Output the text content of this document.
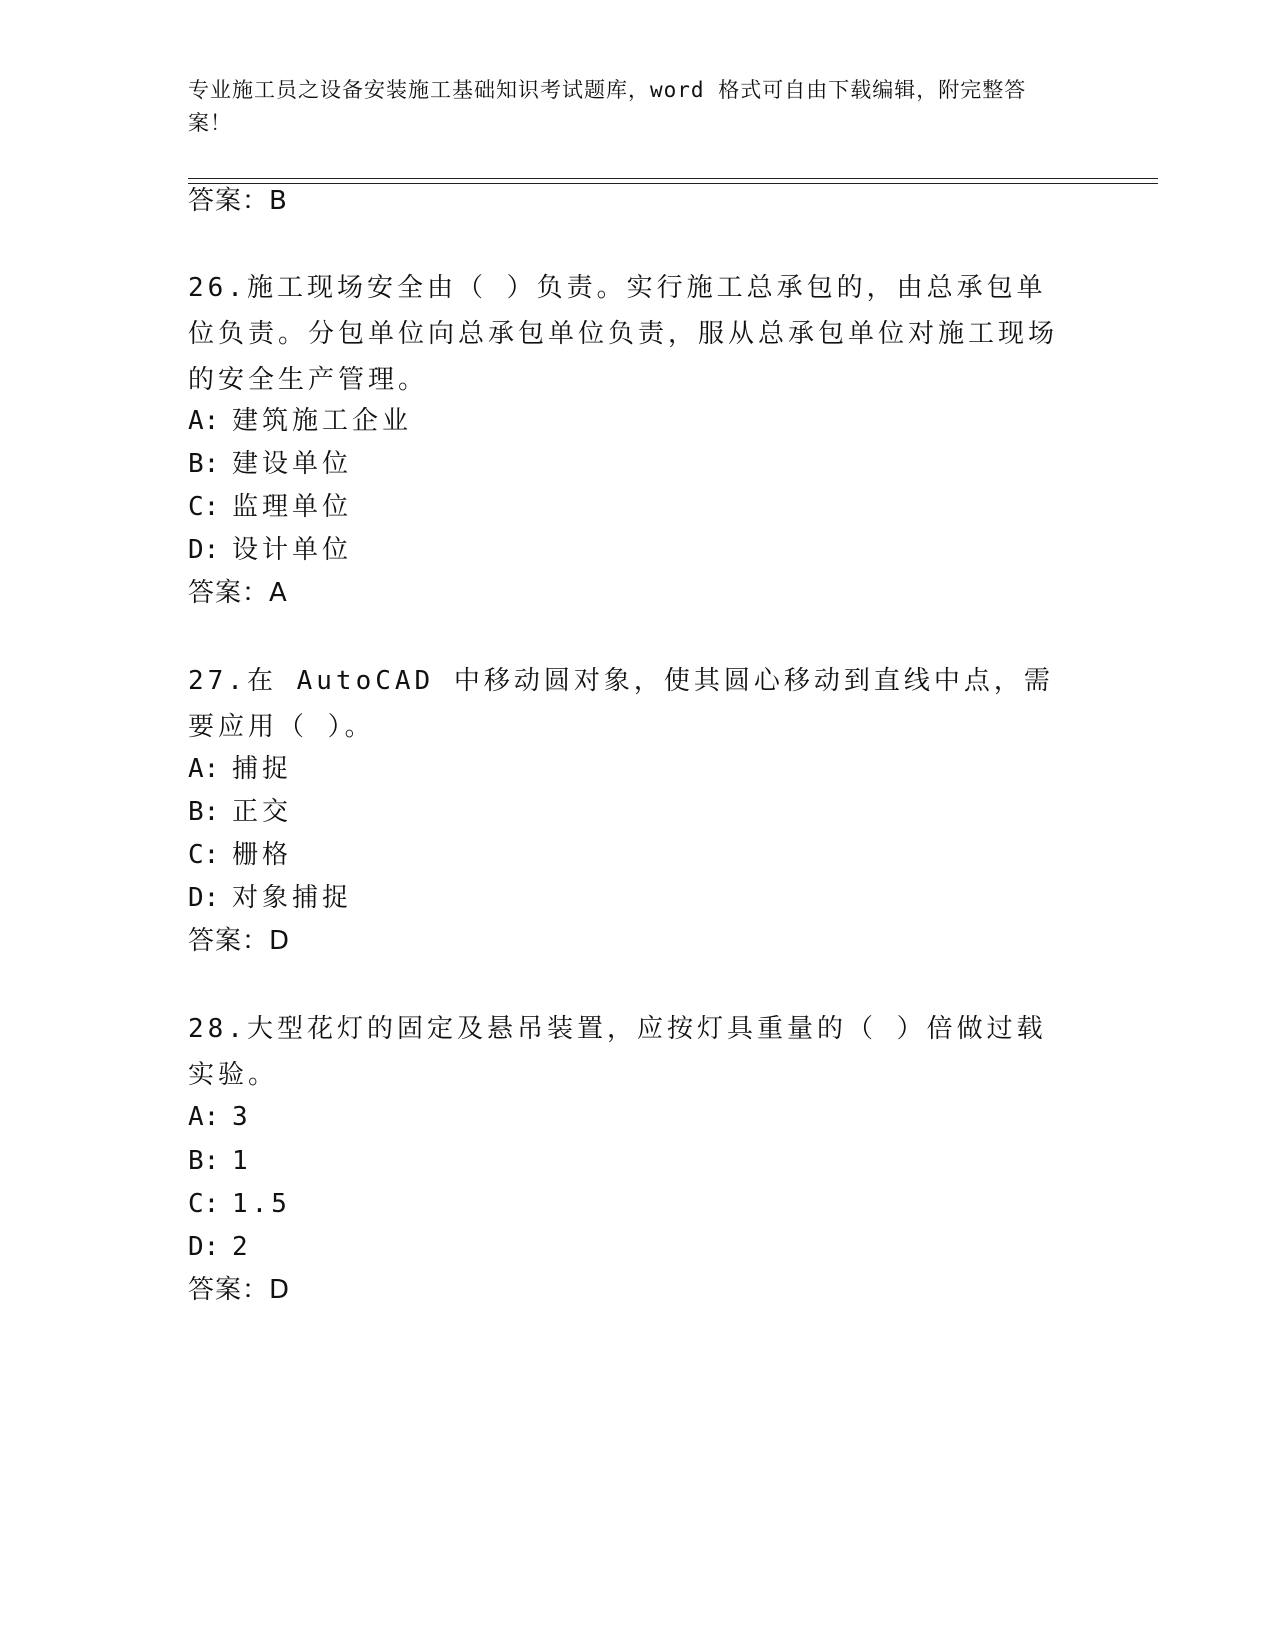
专业施工员之设备安装施工基础知识考试题库，word 格式可自由下载编辑，附完整答案！
答案：B
26.施工现场安全由（ ）负责。实行施工总承包的，由总承包单位负责。分包单位向总承包单位负责，服从总承包单位对施工现场的安全生产管理。
A: 建筑施工企业
B: 建设单位
C: 监理单位
D: 设计单位
答案：A
27.在 AutoCAD 中移动圆对象，使其圆心移动到直线中点，需要应用（ ）。
A: 捕捉
B: 正交
C: 栅格
D: 对象捕捉
答案：D
28.大型花灯的固定及悬吊装置，应按灯具重量的（ ）倍做过载实验。
A: 3
B: 1
C: 1.5
D: 2
答案：D
